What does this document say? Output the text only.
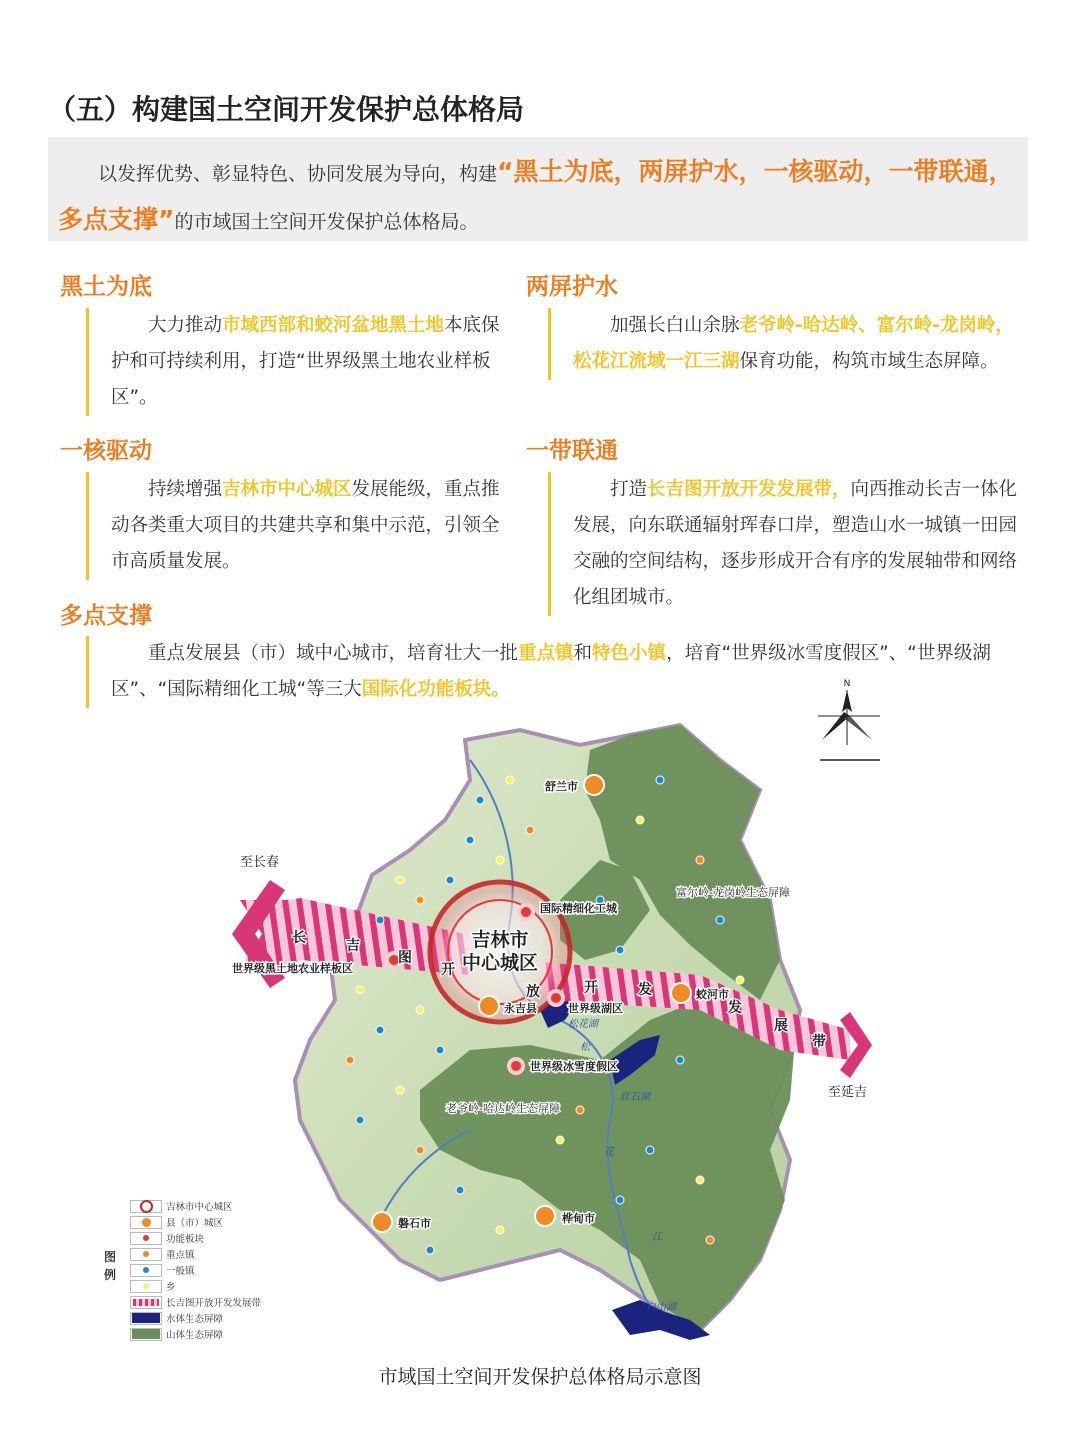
（五）构建国土空间开发保护总体格局
以发挥优势、彰显特色、协同发展为导向，构建“黑土为底，两屏护水，一核驱动，一带联通，多点支撑”的市域国土空间开发保护总体格局。
黑土为底
大力推动市域西部和蛟河盆地黑土地本底保护和可持续利用，打造“世界级黑土地农业样板区”。
两屏护水
加强长白山余脉老爷岭-哈达岭、富尔岭-龙岗岭，松花江流域一江三湖保育功能，构筑市域生态屏障。
一核驱动
持续增强吉林市中心城区发展能级，重点推动各类重大项目的共建共享和集中示范，引领全市高质量发展。
一带联通
打造长吉图开放开发发展带，向西推动长吉一体化发展，向东联通辐射珲春口岸，塑造山水一城镇一田园交融的空间结构，逐步形成开合有序的发展轴带和网络化组团城市。
多点支撑
重点发展县（市）域中心城市，培育壮大一批重点镇和特色小镇，培育“世界级冰雪度假区”、“世界级湖区”、“国际精细化工城“等三大国际化功能板块。	N
至长春
至延吉
吉林市
中心城区
舒兰市
蛟河市
永吉县
磐石市	桦甸市
国际精细化工城
世界级黑土地农业样板区
世界级湖区
世界级冰雪度假区
富尔岭-龙岗岭生态屏障
老爷岭-哈达岭生态屏障
松花湖
红石湖
白山湖
松
花
江
长	吉
图
开
放	开	发
发
展
带
图例
吉林市中心城区
县（市）城区
功能板块
重点镇
一般镇
乡
长吉图开放开发发展带
水体生态屏障
山体生态屏障
市域国土空间开发保护总体格局示意图
